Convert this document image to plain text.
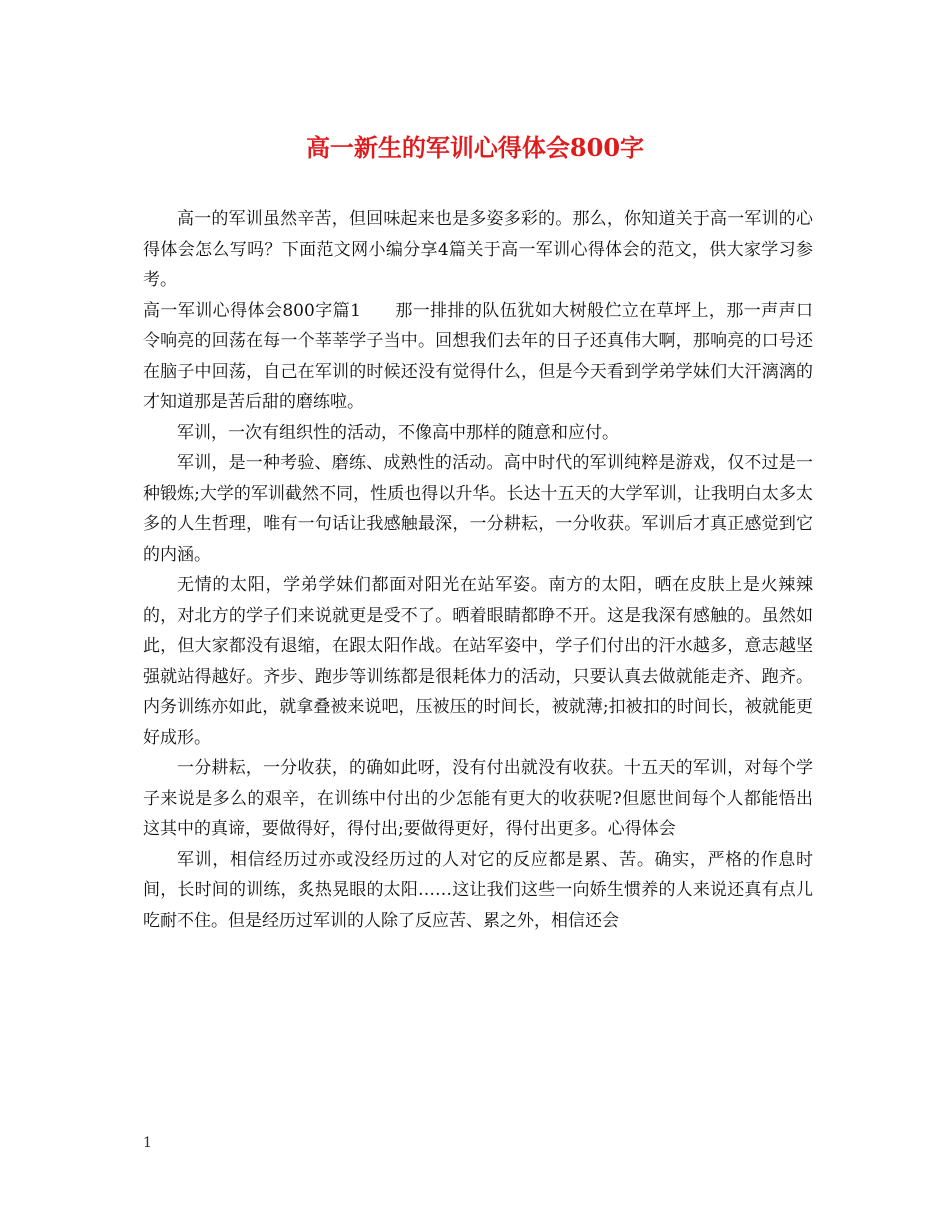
高一新生的军训心得体会800字

高一的军训虽然辛苦，但回味起来也是多姿多彩的。那么，你知道关于高一军训的心得体会怎么写吗？下面范文网小编分享4篇关于高一军训心得体会的范文，供大家学习参考。

高一军训心得体会800字篇1 那一排排的队伍犹如大树般伫立在草坪上，那一声声口令响亮的回荡在每一个莘莘学子当中。回想我们去年的日子还真伟大啊，那响亮的口号还在脑子中回荡，自己在军训的时候还没有觉得什么，但是今天看到学弟学妹们大汗漓漓的才知道那是苦后甜的磨练啦。

军训，一次有组织性的活动，不像高中那样的随意和应付。

军训，是一种考验、磨练、成熟性的活动。高中时代的军训纯粹是游戏，仅不过是一种锻炼;大学的军训截然不同，性质也得以升华。长达十五天的大学军训，让我明白太多太多的人生哲理，唯有一句话让我感触最深，一分耕耘，一分收获。军训后才真正感觉到它的内涵。

无情的太阳，学弟学妹们都面对阳光在站军姿。南方的太阳，晒在皮肤上是火辣辣的，对北方的学子们来说就更是受不了。晒着眼睛都睁不开。这是我深有感触的。虽然如此，但大家都没有退缩，在跟太阳作战。在站军姿中，学子们付出的汗水越多，意志越坚强就站得越好。齐步、跑步等训练都是很耗体力的活动，只要认真去做就能走齐、跑齐。内务训练亦如此，就拿叠被来说吧，压被压的时间长，被就薄;扣被扣的时间长，被就能更好成形。

一分耕耘，一分收获，的确如此呀，没有付出就没有收获。十五天的军训，对每个学子来说是多么的艰辛，在训练中付出的少怎能有更大的收获呢?但愿世间每个人都能悟出这其中的真谛，要做得好，得付出;要做得更好，得付出更多。心得体会

军训，相信经历过亦或没经历过的人对它的反应都是累、苦。确实，严格的作息时间，长时间的训练，炙热晃眼的太阳……这让我们这些一向娇生惯养的人来说还真有点儿吃耐不住。但是经历过军训的人除了反应苦、累之外，相信还会

1
